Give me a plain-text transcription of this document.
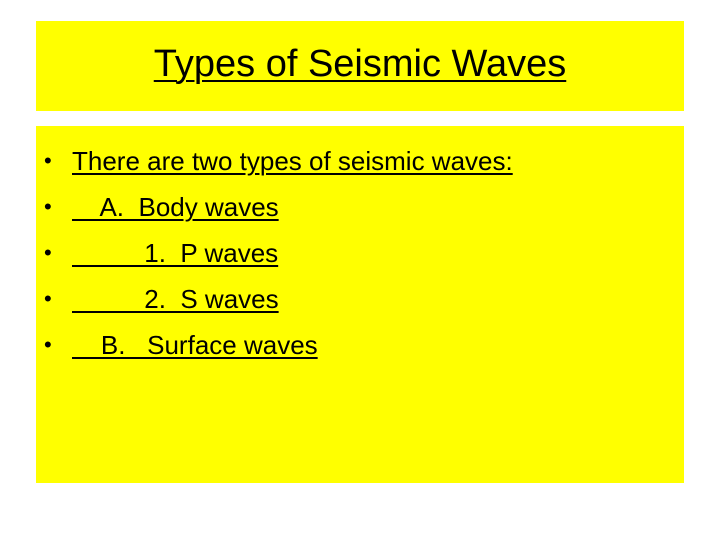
Types of Seismic Waves
• There are two types of seismic waves:
• A.  Body waves
• 1.  P waves
• 2.  S waves
• B.   Surface waves
